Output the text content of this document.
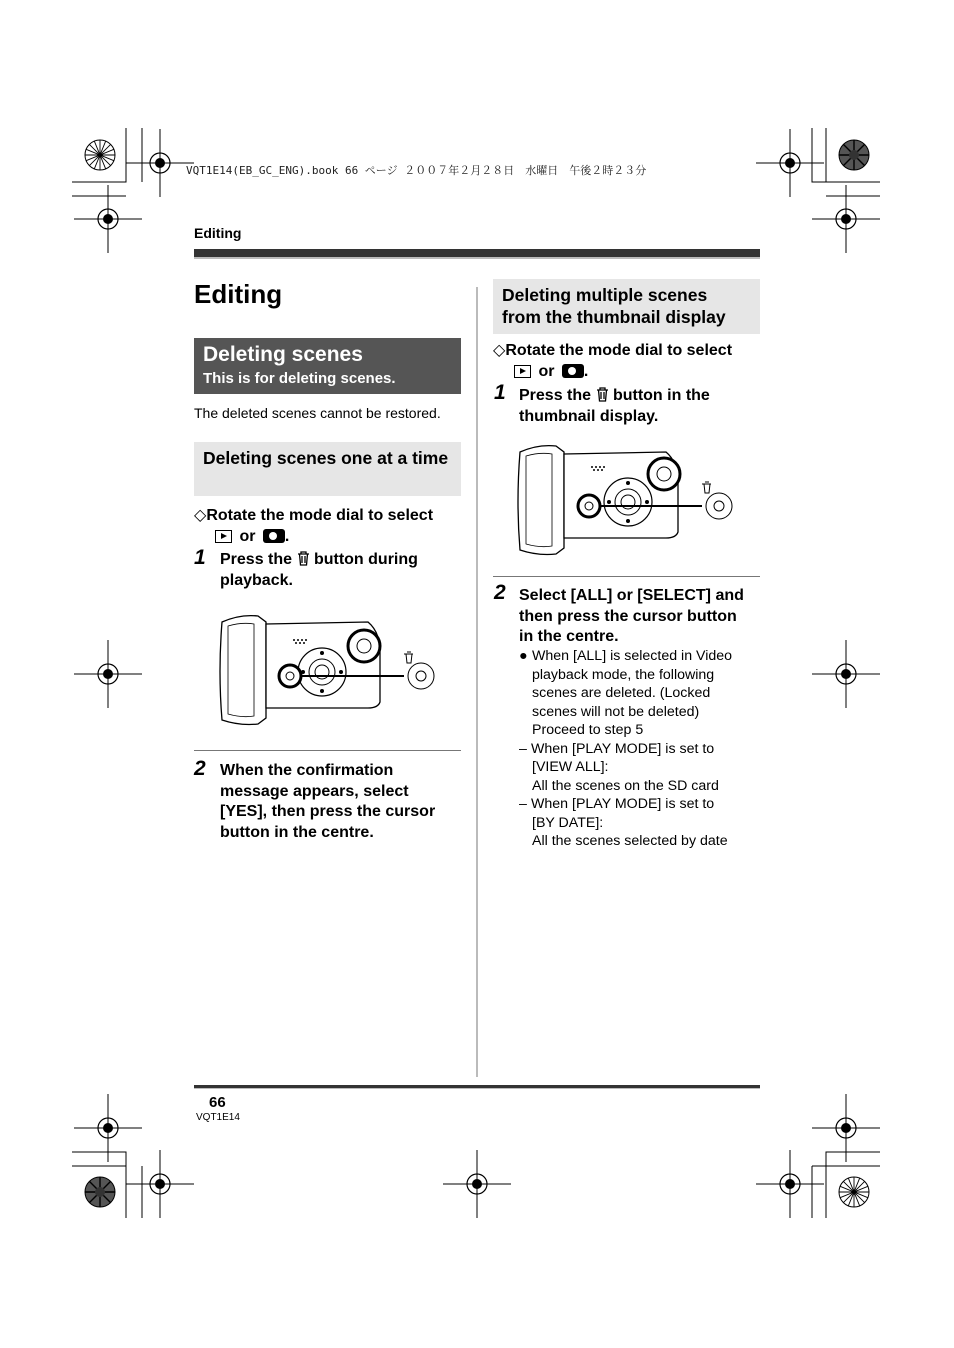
VQT1E14(EB_GC_ENG).book 66 ページ ２００７年２月２８日　水曜日　午後２時２３分
Editing
Editing
Deleting scenes
This is for deleting scenes.
The deleted scenes cannot be restored.
Deleting scenes one at a time
◇Rotate the mode dial to select
or .
1 Press the button during
playback.
2 When the confirmation
message appears, select
[YES], then press the cursor
button in the centre.
Deleting multiple scenes
from the thumbnail display
◇Rotate the mode dial to select
or .
1 Press the button in the
thumbnail display.
2 Select [ALL] or [SELECT] and
then press the cursor button
in the centre.
● When [ALL] is selected in Video
playback mode, the following
scenes are deleted. (Locked
scenes will not be deleted)
Proceed to step 5
– When [PLAY MODE] is set to
[VIEW ALL]:
All the scenes on the SD card
– When [PLAY MODE] is set to
[BY DATE]:
All the scenes selected by date
66
VQT1E14
